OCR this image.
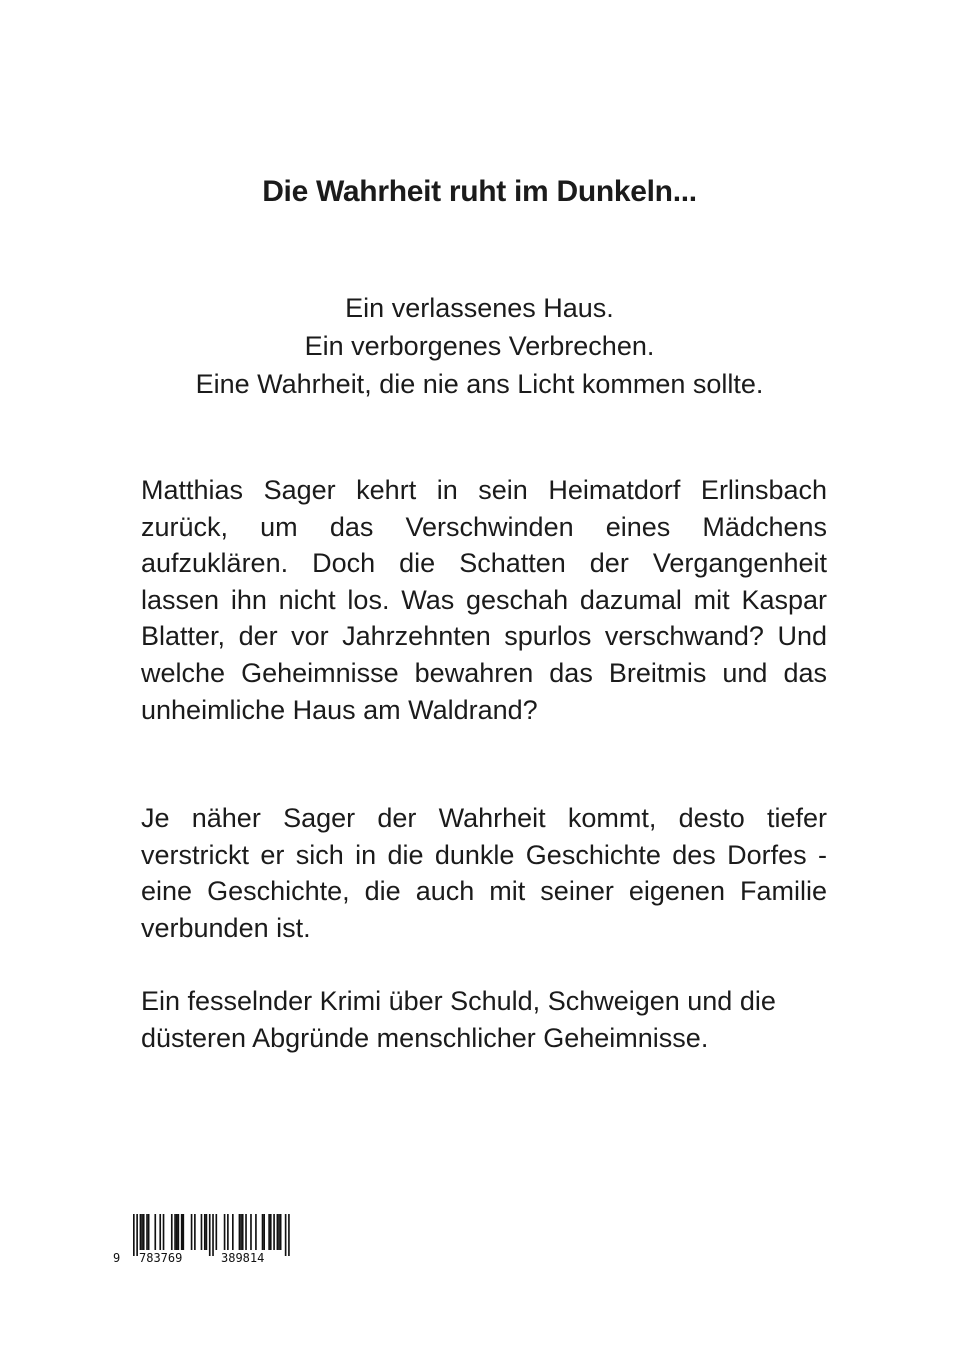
Die Wahrheit ruht im Dunkeln...
Ein verlassenes Haus.
Ein verborgenes Verbrechen.
Eine Wahrheit, die nie ans Licht kommen sollte.

Matthias Sager kehrt in sein Heimatdorf Erlinsbach zurück, um das Verschwinden eines Mädchens aufzuklären. Doch die Schatten der Vergangenheit lassen ihn nicht los. Was geschah dazumal mit Kaspar Blatter, der vor Jahrzehnten spurlos verschwand? Und welche Geheimnisse bewahren das Breitmis und das unheimliche Haus am Waldrand?

Je näher Sager der Wahrheit kommt, desto tiefer verstrickt er sich in die dunkle Geschichte des Dorfes - eine Geschichte, die auch mit seiner eigenen Familie verbunden ist.

Ein fesselnder Krimi über Schuld, Schweigen und die düsteren Abgründe menschlicher Geheimnisse.

9 783769	389814
